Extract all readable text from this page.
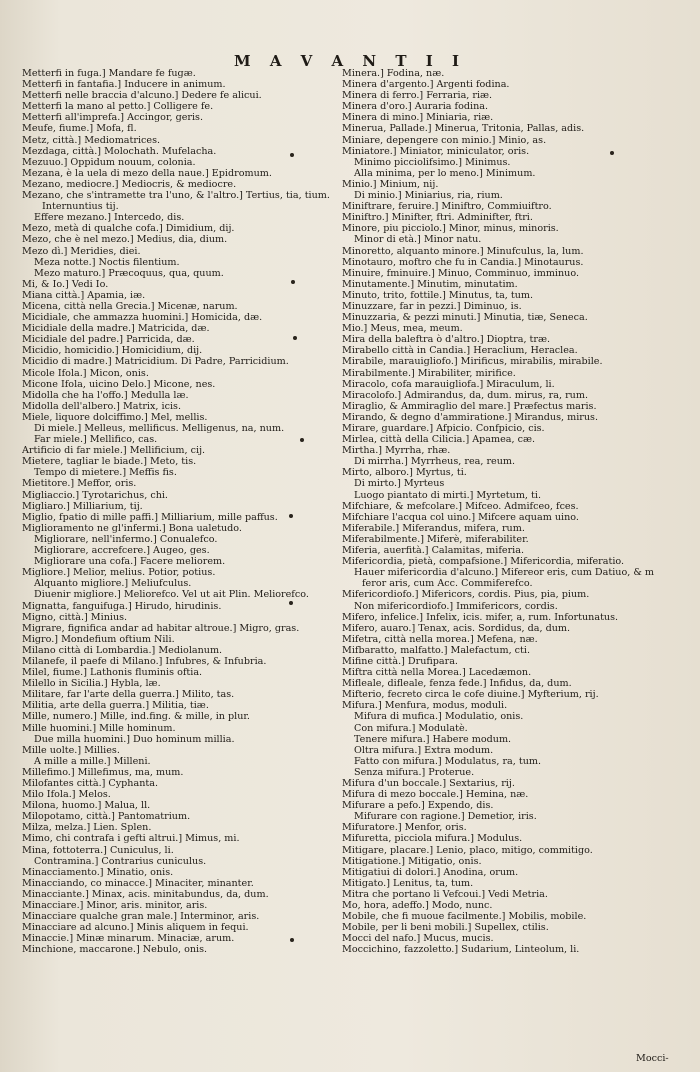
M A V A N T I I
Metterfi in fuga.] Mandare fe fugæ.
Metterfi in fantafia.] Inducere in animum.
Metterfi nelle braccia d'alcuno.] Dedere fe alicui.
Metterfi la mano al petto.] Colligere fe.
Metterfi all'imprefa.] Accingor, geris.
Meufe, fiume.] Mofa, fl.
Metz, città.] Mediomatrices.
Mezdaga, città.] Molochath. Mufelacha.
Mezuuo.] Oppidum nouum, colonia.
Mezana, è la uela di mezo della naue.] Epidromum.
Mezano, mediocre.] Mediocris, & mediocre.
Mezano, che s'intramette tra l'uno, & l'altro.] Tertius, tia, tium.
Internuntius tij.
Effere mezano.] Intercedo, dis.
Mezo, metà di qualche cofa.] Dimidium, dij.
Mezo, che è nel mezo.] Medius, dia, dium.
Mezo dì.] Meridies, diei.
Meza notte.] Noctis filentium.
Mezo maturo.] Præcoquus, qua, quum.
Mi, & Io.] Vedi Io.
Miana città.] Apamia, iæ.
Micena, città nella Grecia.] Micenæ, narum.
Micidiale, che ammazza huomini.] Homicida, dæ.
Micidiale della madre.] Matricida, dæ.
Micidiale del padre.] Parricida, dæ.
Micidio, homicidio.] Homicidium, dij.
Micidio di madre.] Matricidium. Di Padre, Parricidium.
Micole Ifola.] Micon, onis.
Micone Ifola, uicino Delo.] Micone, nes.
Midolla che ha l'offo.] Medulla læ.
Midolla dell'albero.] Matrix, icis.
Miele, liquore dolciffimo.] Mel, mellis.
Di miele.] Melleus, mellificus. Melligenus, na, num.
Far miele.] Mellifico, cas.
Artificio di far miele.] Mellificium, cij.
Mietere, tagliar le biade.] Meto, tis.
Tempo di mietere.] Meffis fis.
Mietitore.] Meffor, oris.
Migliaccio.] Tyrotarichus, chi.
Migliaro.] Milliarium, tij.
Miglio, fpatio di mille paffi.] Milliarium, mille paffus.
Miglioramento ne gl'infermi.] Bona ualetudo.
Migliorare, nell'infermo.] Conualefco.
Migliorare, accrefcere.] Augeo, ges.
Migliorare una cofa.] Facere meliorem.
Migliore.] Melior, melius. Potior, potius.
Alquanto migliore.] Meliufculus.
Diuenir migliore.] Meliorefco. Vel ut ait Plin. Meliorefco.
Mignatta, fanguifuga.] Hirudo, hirudinis.
Migno, città.] Minius.
Migrare, fignifica andar ad habitar altroue.] Migro, gras.
Migro.] Mondefium oftium Nili.
Milano città di Lombardia.] Mediolanum.
Milanefe, il paefe di Milano.] Infubres, & Infubria.
Milel, fiume.] Lathonis fluminis oftia.
Milello in Sicilia.] Hybla, læ.
Militare, far l'arte della guerra.] Milito, tas.
Militia, arte della guerra.] Militia, tiæ.
Mille, numero.] Mille, ind.fing. & mille, in plur.
Mille huomini.] Mille hominum.
Due milla huomini.] Duo hominum millia.
Mille uolte.] Millies.
A mille a mille.] Milleni.
Millefimo.] Millefimus, ma, mum.
Milofantes città.] Cyphanta.
Milo Ifola.] Melos.
Milona, huomo.] Malua, ll.
Milopotamo, città.] Pantomatrium.
Milza, melza.] Lien. Splen.
Mimo, chi contrafa i gefti altrui.] Mimus, mi.
Mina, fottoterra.] Cuniculus, li.
Contramina.] Contrarius cuniculus.
Minacciamento.] Minatio, onis.
Minacciando, co minacce.] Minaciter, minanter.
Minacciante.] Minax, acis. minitabundus, da, dum.
Minacciare.] Minor, aris. minitor, aris.
Minacciare qualche gran male.] Interminor, aris.
Minacciare ad alcuno.] Minis aliquem in fequi.
Minaccie.] Minæ minarum. Minaciæ, arum.
Minchione, maccarone.] Nebulo, onis.
Minera.] Fodina, næ.
Minera d'argento.] Argenti fodina.
Minera di ferro.] Ferraria, riæ.
Minera d'oro.] Auraria fodina.
Minera di mino.] Miniaria, riæ.
Minerua, Pallade.] Minerua, Tritonia, Pallas, adis.
Miniare, depengere con minio.] Minio, as.
Miniatore.] Miniator, miniculator, oris.
Minimo picciolifsimo.] Minimus.
Alla minima, per lo meno.] Minimum.
Minio.] Minium, nij.
Di minio.] Miniarius, ria, rium.
Miniftrare, feruire.] Miniftro, Commiuiftro.
Miniftro.] Minifter, ftri. Adminifter, ftri.
Minore, piu picciolo.] Minor, minus, minoris.
Minor di età.] Minor natu.
Minoretto, alquanto minore.] Minufculus, la, lum.
Minotauro, moftro che fu in Candia.] Minotaurus.
Minuire, fminuire.] Minuo, Comminuo, imminuo.
Minutamente.] Minutim, minutatim.
Minuto, trito, fottile.] Minutus, ta, tum.
Minuzzare, far in pezzi.] Diminuo, is.
Minuzzaria, & pezzi minuti.] Minutia, tiæ, Seneca.
Mio.] Meus, mea, meum.
Mira della baleftra ò d'altro.] Dioptra, træ.
Mirabello città in Candia.] Heraclium, Heraclea.
Mirabile, marauigliofo.] Mirificus, mirabilis, mirabile.
Mirabilmente.] Mirabiliter, mirifice.
Miracolo, cofa marauigliofa.] Miraculum, li.
Miracolofo.] Admirandus, da, dum. mirus, ra, rum.
Miraglio, & Ammiraglio del mare.] Præfectus maris.
Mirando, & degno d'ammiratione.] Mirandus, mirus.
Mirare, guardare.] Afpicio. Confpicio, cis.
Mirlea, città della Cilicia.] Apamea, cæ.
Mirtha.] Myrrha, rhæ.
Di mirrha.] Myrrheus, rea, reum.
Mirto, alboro.] Myrtus, ti.
Di mirto.] Myrteus
Luogo piantato di mirti.] Myrtetum, ti.
Mifchiare, & mefcolare.] Mifceo. Admifceo, fces.
Mifchiare l'acqua col uino.] Mifcere aquam uino.
Miferabile.] Miferandus, mifera, rum.
Miferabilmente.] Miferè, miferabiliter.
Miferia, auerfità.] Calamitas, miferia.
Mifericordia, pietà, compafsione.] Mifericordia, miferatio.
Hauer mifericordia d'alcuno.] Mifereor eris, cum Datiuo, & m
feror aris, cum Acc. Commiferefco.
Mifericordiofo.] Mifericors, cordis. Pius, pia, pium.
Non mifericordiofo.] Immifericors, cordis.
Mifero, infelice.] Infelix, icis. mifer, a, rum. Infortunatus.
Mifero, auaro.] Tenax, acis. Sordidus, da, dum.
Mifetra, città nella morea.] Mefena, næ.
Mifbaratto, malfatto.] Malefactum, cti.
Mifine città.] Drufipara.
Miftra città nella Morea.] Lacedæmon.
Mifleale, difleale, fenza fede.] Infidus, da, dum.
Mifterio, fecreto circa le cofe diuine.] Myfterium, rij.
Mifura.] Menfura, modus, moduli.
Mifura di mufica.] Modulatio, onis.
Con mifura.] Modulatè.
Tenere mifura.] Habere modum.
Oltra mifura.] Extra modum.
Fatto con mifura.] Modulatus, ra, tum.
Senza mifura.] Proterue.
Mifura d'un boccale.] Sextarius, rij.
Mifura di mezo boccale.] Hemina, næ.
Mifurare a pefo.] Expendo, dis.
Mifurare con ragione.] Demetior, iris.
Mifuratore.] Menfor, oris.
Mifuretta, picciola mifura.] Modulus.
Mitigare, placare.] Lenio, placo, mitigo, commitigo.
Mitigatione.] Mitigatio, onis.
Mitigatiui di dolori.] Anodina, orum.
Mitigato.] Lenitus, ta, tum.
Mitra che portano li Vefcoui.] Vedi Metria.
Mo, hora, adeffo.] Modo, nunc.
Mobile, che fi muoue facilmente.] Mobilis, mobile.
Mobile, per li beni mobili.] Supellex, ctilis.
Mocci del nafo.] Mucus, mucis.
Moccichino, fazzoletto.] Sudarium, Linteolum, li.
Mocci-
